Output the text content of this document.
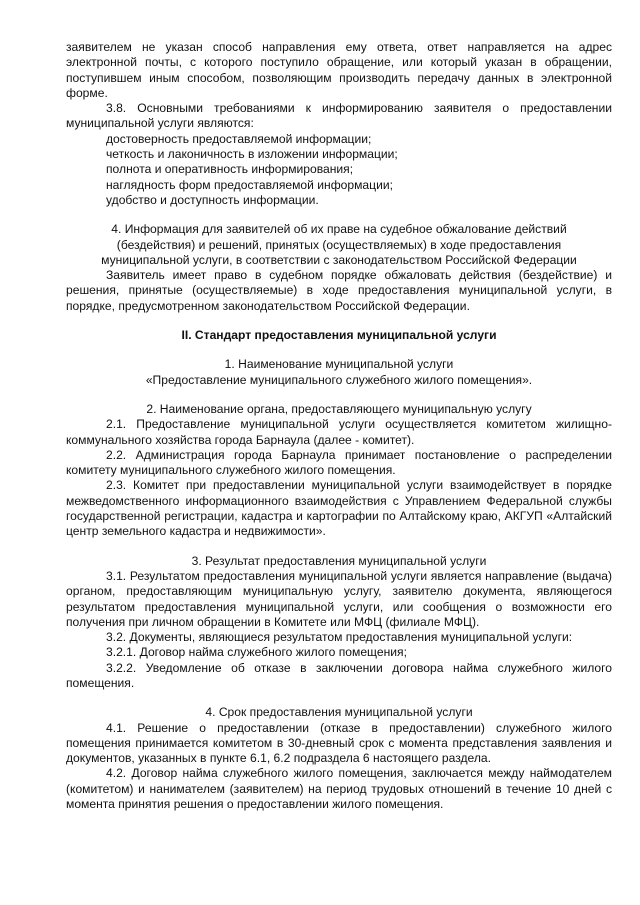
заявителем не указан способ направления ему ответа, ответ направляется на адрес электронной почты, с которого поступило обращение, или который указан в обращении, поступившем иным способом, позволяющим производить передачу данных в электронной форме.

3.8. Основными требованиями к информированию заявителя о предоставлении муниципальной услуги являются:

достоверность предоставляемой информации;

четкость и лаконичность в изложении информации;

полнота и оперативность информирования;

наглядность форм предоставляемой информации;

удобство и доступность информации.

4. Информация для заявителей об их праве на судебное обжалование действий

(бездействия) и решений, принятых (осуществляемых) в ходе предоставления

муниципальной услуги, в соответствии с законодательством Российской Федерации

Заявитель имеет право в судебном порядке обжаловать действия (бездействие) и решения, принятые (осуществляемые) в ходе предоставления муниципальной услуги, в порядке, предусмотренном законодательством Российской Федерации.

II. Стандарт предоставления муниципальной услуги

1. Наименование муниципальной услуги

«Предоставление муниципального служебного жилого помещения».

2. Наименование органа, предоставляющего муниципальную услугу

2.1. Предоставление муниципальной услуги осуществляется комитетом жилищно-коммунального хозяйства города Барнаула (далее - комитет).

2.2. Администрация города Барнаула принимает постановление о распределении комитету муниципального служебного жилого помещения.

2.3. Комитет при предоставлении муниципальной услуги взаимодействует в порядке межведомственного информационного взаимодействия с Управлением Федеральной службы государственной регистрации, кадастра и картографии по Алтайскому краю, АКГУП «Алтайский центр земельного кадастра и недвижимости».

3. Результат предоставления муниципальной услуги

3.1. Результатом предоставления муниципальной услуги является направление (выдача) органом, предоставляющим муниципальную услугу, заявителю документа, являющегося результатом предоставления муниципальной услуги, или сообщения о возможности его получения при личном обращении в Комитете или МФЦ (филиале МФЦ).

3.2. Документы, являющиеся результатом предоставления муниципальной услуги:

3.2.1. Договор найма служебного жилого помещения;

3.2.2. Уведомление об отказе в заключении договора найма служебного жилого помещения.

4. Срок предоставления муниципальной услуги

4.1. Решение о предоставлении (отказе в предоставлении) служебного жилого помещения принимается комитетом в 30-дневный срок с момента представления заявления и документов, указанных в пункте 6.1, 6.2 подраздела 6 настоящего раздела.

4.2. Договор найма служебного жилого помещения, заключается между наймодателем (комитетом) и нанимателем (заявителем) на период трудовых отношений в течение 10 дней с момента принятия решения о предоставлении жилого помещения.
